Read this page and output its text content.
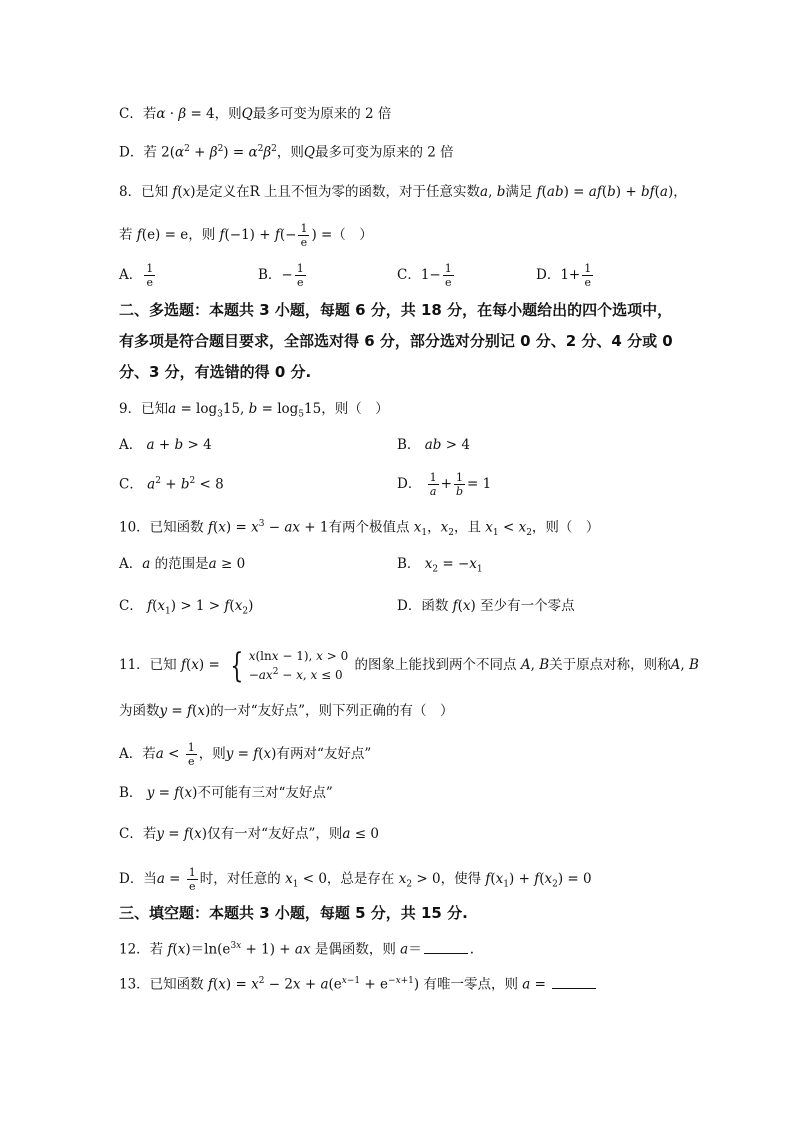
C．若α · β = 4，则Q最多可变为原来的 2 倍
D．若 $2(\alpha^2 + \beta^2) = \alpha^2\beta^2$，则Q最多可变为原来的 2 倍
8．已知 f(x)是定义在R 上且不恒为零的函数，对于任意实数a, b满足 f(ab) = af(b) + bf(a)，
若 f(e) = e，则 $f(-1) + f(- \frac{1}{e}$ ) =（　）
A． $\frac{1}{e}$	B．− $\frac{1}{e}$	C．$1- \frac{1}{e}$	D．$1+ \frac{1}{e}$
二、多选题：本题共 3 小题，每题 6 分，共 18 分，在每小题给出的四个选项中，
有多项是符合题目要求，全部选对得 6 分，部分选对分别记 0 分、2 分、4 分或 0
分、3 分，有选错的得 0 分.
9．已知$a = \log_315$, $b = \log_515$，则（　）
A． a + b > 4	B． ab > 4
C． $a^2 + b^2 < 8$	D． $\frac{1}{a} + \frac{1}{b} = 1$
10．已知函数 $f(x) = x^3$ − ax + 1有两个极值点 $x_1$，$x_2$，且 $x_1 < x_2$，则（　）
A．a 的范围是a ≥ 0	B． $x_2 = -x_1$
C． $f(x_1) > 1 > f(x_2)$	D．函数 f(x) 至少有一个零点
11．已知 f(x) = { x(lnx − 1), x > 0
$-ax^2 - x$, x ≤ 0
的图象上能找到两个不同点 A, B关于原点对称，则称A, B
为函数y = f(x)的一对“友好点”，则下列正确的有（　）
A．若$a < \frac{1}{e}$ ，则y = f(x)有两对“友好点”
B． y = f(x)不可能有三对“友好点”
C．若y = f(x)仅有一对“友好点”，则a ≤ 0
D．当$a = \frac{1}{e}$ 时，对任意的 $x_1 < 0$，总是存在 $x_2 > 0$，使得 $f(x_1) + f(x_2) = 0$
三、填空题：本题共 3 小题，每题 5 分，共 15 分.
12．若 $f(x)=\ln(e^{3x} + 1)$ + ax 是偶函数，则 a＝	.
13．已知函数 $f(x) = x^2 - 2x + a(e^{x-1} + e^{-x+1})$ 有唯一零点，则 a =
